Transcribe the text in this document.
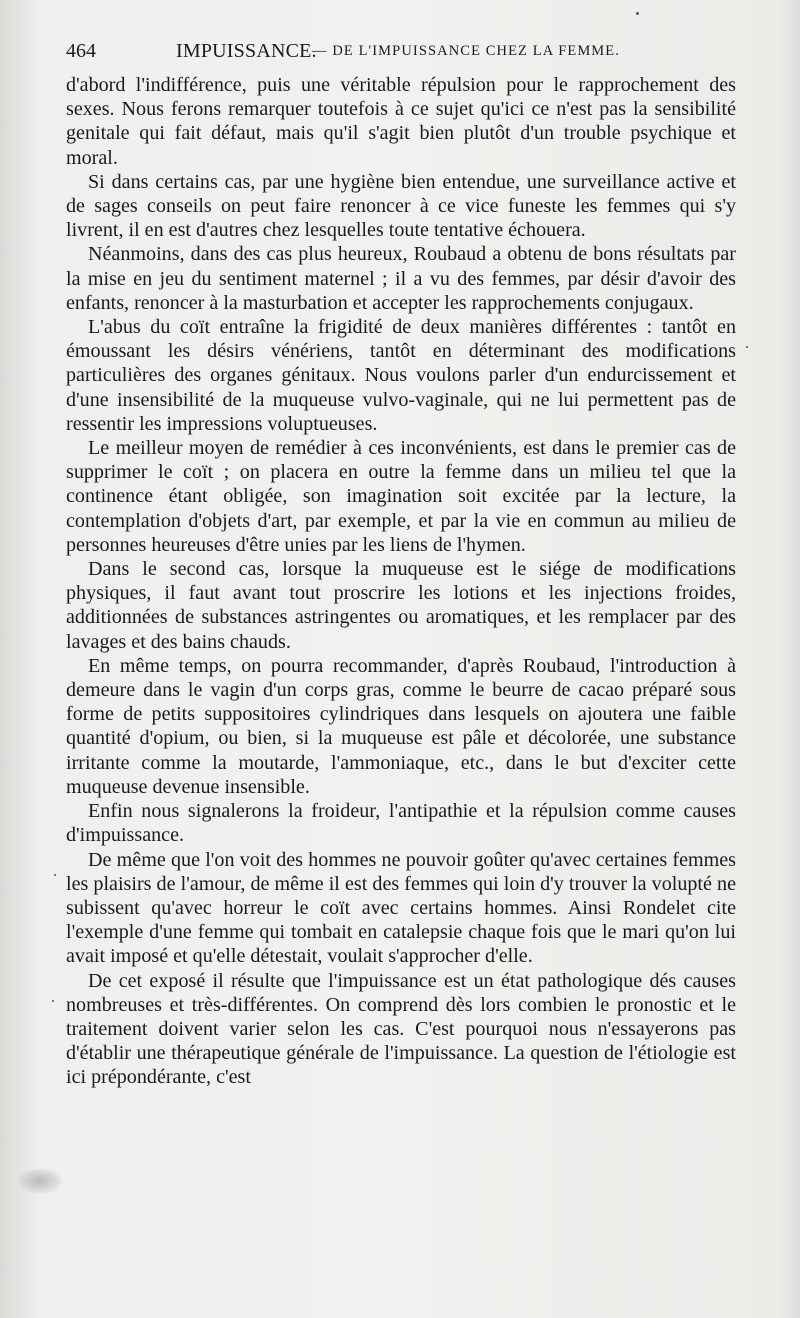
464	IMPUISSANCE.
— DE L'IMPUISSANCE CHEZ LA FEMME.

d'abord l'indifférence, puis une véritable répulsion pour le rapprochement des sexes. Nous ferons remarquer toutefois à ce sujet qu'ici ce n'est pas la sensibilité genitale qui fait défaut, mais qu'il s'agit bien plutôt d'un trouble psychique et moral.

Si dans certains cas, par une hygiène bien entendue, une surveillance active et de sages conseils on peut faire renoncer à ce vice funeste les femmes qui s'y livrent, il en est d'autres chez lesquelles toute tentative échouera.

Néanmoins, dans des cas plus heureux, Roubaud a obtenu de bons résultats par la mise en jeu du sentiment maternel ; il a vu des femmes, par désir d'avoir des enfants, renoncer à la masturbation et accepter les rapprochements conjugaux.

L'abus du coït entraîne la frigidité de deux manières différentes : tantôt en émoussant les désirs vénériens, tantôt en déterminant des modifications particulières des organes génitaux. Nous voulons parler d'un endurcissement et d'une insensibilité de la muqueuse vulvo-vaginale, qui ne lui permettent pas de ressentir les impressions voluptueuses.

Le meilleur moyen de remédier à ces inconvénients, est dans le premier cas de supprimer le coït ; on placera en outre la femme dans un milieu tel que la continence étant obligée, son imagination soit excitée par la lecture, la contemplation d'objets d'art, par exemple, et par la vie en commun au milieu de personnes heureuses d'être unies par les liens de l'hymen.

Dans le second cas, lorsque la muqueuse est le siége de modifications physiques, il faut avant tout proscrire les lotions et les injections froides, additionnées de substances astringentes ou aromatiques, et les remplacer par des lavages et des bains chauds.

En même temps, on pourra recommander, d'après Roubaud, l'introduction à demeure dans le vagin d'un corps gras, comme le beurre de cacao préparé sous forme de petits suppositoires cylindriques dans lesquels on ajoutera une faible quantité d'opium, ou bien, si la muqueuse est pâle et décolorée, une substance irritante comme la moutarde, l'ammoniaque, etc., dans le but d'exciter cette muqueuse devenue insensible.

Enfin nous signalerons la froideur, l'antipathie et la répulsion comme causes d'impuissance.

De même que l'on voit des hommes ne pouvoir goûter qu'avec certaines femmes les plaisirs de l'amour, de même il est des femmes qui loin d'y trouver la volupté ne subissent qu'avec horreur le coït avec certains hommes. Ainsi Rondelet cite l'exemple d'une femme qui tombait en catalepsie chaque fois que le mari qu'on lui avait imposé et qu'elle détestait, voulait s'approcher d'elle.

De cet exposé il résulte que l'impuissance est un état pathologique dés causes nombreuses et très-différentes. On comprend dès lors combien le pronostic et le traitement doivent varier selon les cas. C'est pourquoi nous n'essayerons pas d'établir une thérapeutique générale de l'impuissance. La question de l'étiologie est ici prépondérante, c'est
